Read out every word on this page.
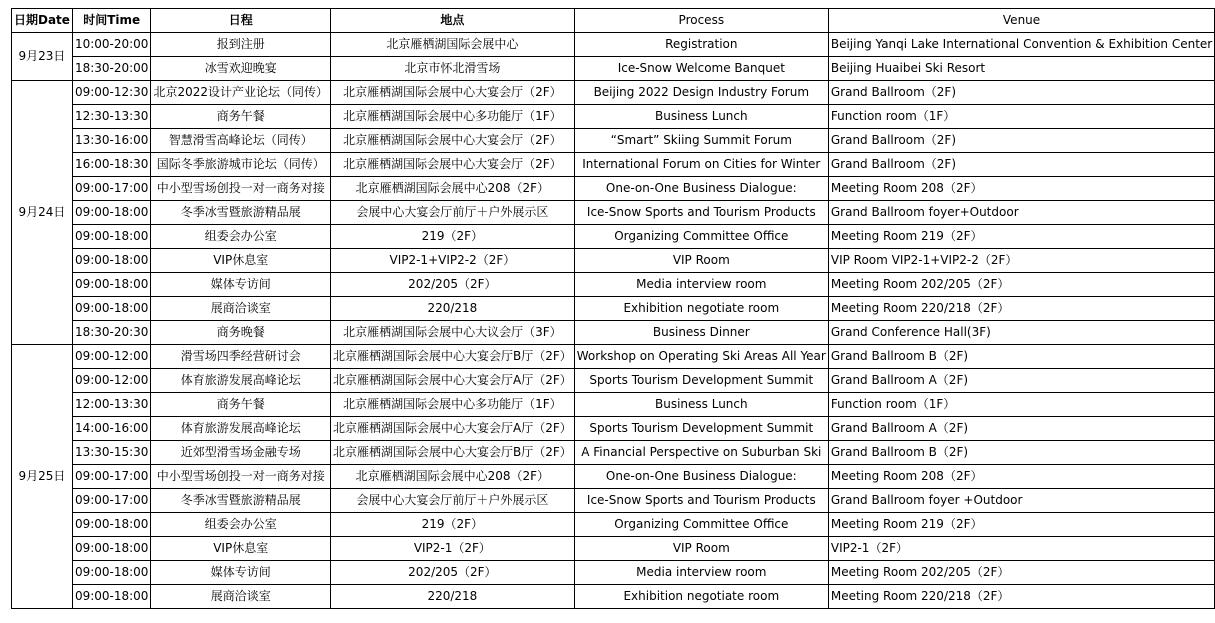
日期Date	时间Time	日程	地点	Process	Venue
9月23日	10:00-20:00	报到注册	北京雁栖湖国际会展中心	Registration	Beijing Yanqi Lake International Convention & Exhibition Center
	18:30-20:00	冰雪欢迎晚宴	北京市怀北滑雪场	Ice-Snow Welcome Banquet	Beijing Huaibei Ski Resort
9月24日	09:00-12:30	北京2022设计产业论坛（同传）	北京雁栖湖国际会展中心大宴会厅（2F）	Beijing 2022 Design Industry Forum	Grand Ballroom（2F)
	12:30-13:30	商务午餐	北京雁栖湖国际会展中心多功能厅（1F）	Business Lunch	Function room（1F）
	13:30-16:00	智慧滑雪高峰论坛（同传）	北京雁栖湖国际会展中心大宴会厅（2F）	“Smart” Skiing Summit Forum	Grand Ballroom（2F)
	16:00-18:30	国际冬季旅游城市论坛（同传）	北京雁栖湖国际会展中心大宴会厅（2F）	International Forum on Cities for Winter	Grand Ballroom（2F)
	09:00-17:00	中小型雪场创投一对一商务对接	北京雁栖湖国际会展中心208（2F）	One-on-One Business Dialogue:	Meeting Room 208（2F）
	09:00-18:00	冬季冰雪暨旅游精品展	会展中心大宴会厅前厅＋户外展示区	Ice-Snow Sports and Tourism Products	Grand Ballroom foyer+Outdoor
	09:00-18:00	组委会办公室	219（2F）	Organizing Committee Office	Meeting Room 219（2F）
	09:00-18:00	VIP休息室	VIP2-1+VIP2-2（2F）	VIP Room	VIP Room VIP2-1+VIP2-2（2F）
	09:00-18:00	媒体专访间	202/205（2F）	Media interview room	Meeting Room 202/205（2F）
	09:00-18:00	展商洽谈室	220/218	Exhibition negotiate room	Meeting Room 220/218（2F）
	18:30-20:30	商务晚餐	北京雁栖湖国际会展中心大议会厅（3F）	Business Dinner	Grand Conference Hall(3F)
9月25日	09:00-12:00	滑雪场四季经营研讨会	北京雁栖湖国际会展中心大宴会厅B厅（2F）	Workshop on Operating Ski Areas All Year	Grand Ballroom B（2F)
	09:00-12:00	体育旅游发展高峰论坛	北京雁栖湖国际会展中心大宴会厅A厅（2F）	Sports Tourism Development Summit	Grand Ballroom A（2F)
	12:00-13:30	商务午餐	北京雁栖湖国际会展中心多功能厅（1F）	Business Lunch	Function room（1F）
	14:00-16:00	体育旅游发展高峰论坛	北京雁栖湖国际会展中心大宴会厅A厅（2F）	Sports Tourism Development Summit	Grand Ballroom A（2F)
	13:30-15:30	近郊型滑雪场金融专场	北京雁栖湖国际会展中心大宴会厅B厅（2F）	A Financial Perspective on Suburban Ski	Grand Ballroom B（2F)
	09:00-17:00	中小型雪场创投一对一商务对接	北京雁栖湖国际会展中心208（2F）	One-on-One Business Dialogue:	Meeting Room 208（2F）
	09:00-17:00	冬季冰雪暨旅游精品展	会展中心大宴会厅前厅＋户外展示区	Ice-Snow Sports and Tourism Products	Grand Ballroom foyer +Outdoor
	09:00-18:00	组委会办公室	219（2F）	Organizing Committee Office	Meeting Room 219（2F）
	09:00-18:00	VIP休息室	VIP2-1（2F）	VIP Room	VIP2-1（2F）
	09:00-18:00	媒体专访间	202/205（2F）	Media interview room	Meeting Room 202/205（2F）
	09:00-18:00	展商洽谈室	220/218	Exhibition negotiate room	Meeting Room 220/218（2F）
